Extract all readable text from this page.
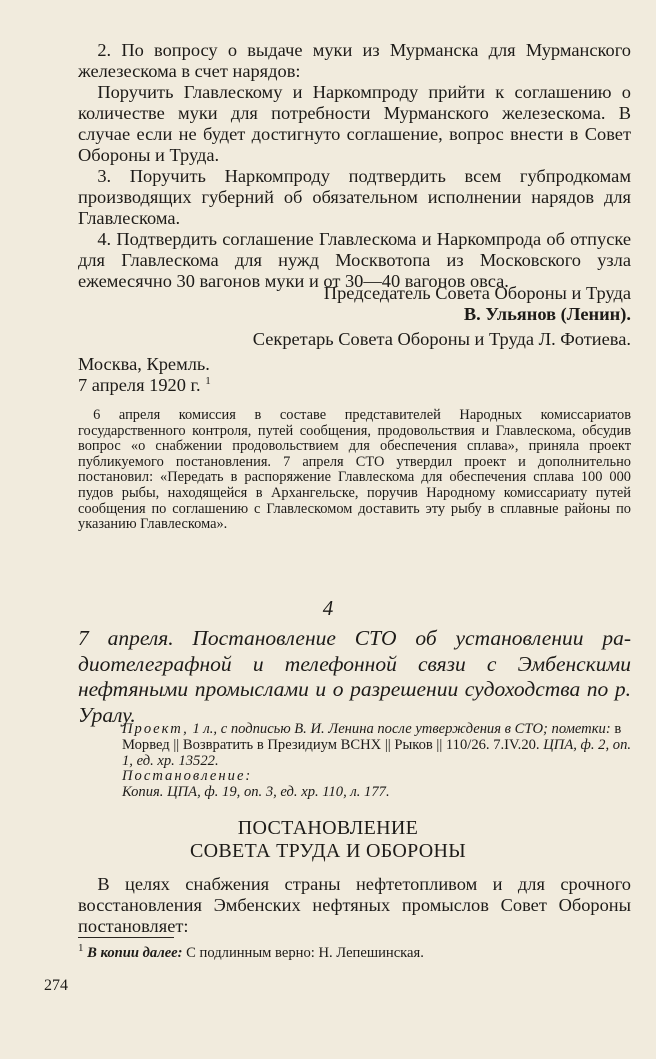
2. По вопросу о выдаче муки из Мурманска для Мурманского железескома в счет нарядов:

Поручить Главлескому и Наркомпроду прийти к соглашению о количестве муки для потребности Мурманского железескома. В случае если не будет достигнуто соглашение, вопрос внести в Совет Обороны и Труда.

3. Поручить Наркомпроду подтвердить всем губпродкомам производящих губерний об обязательном исполнении нарядов для Главлескома.

4. Подтвердить соглашение Главлескома и Наркомпрода об отпуске для Главлескома для нужд Москвотопа из Московского узла ежемесячно 30 вагонов муки и от 30—40 вагонов овса.

Председатель Совета Обороны и Труда
В. Ульянов (Ленин).
Секретарь Совета Обороны и Труда Л. Фотиева.
Москва, Кремль.
7 апреля 1920 г. $^1$

6 апреля комиссия в составе представителей Народных комиссариатов государственного контроля, путей сообщения, продовольствия и Главлескома, обсудив вопрос «о снабжении продовольствием для обеспечения сплава», приняла проект публикуемого постановления. 7 апреля СТО утвердил проект и дополнительно постановил: «Передать в распоряжение Главлескома для обеспечения сплава 100 000 пудов рыбы, находящейся в Архангельске, поручив Народному комиссариату путей сообщения по соглашению с Главлескомом доставить эту рыбу в сплавные районы по указанию Главлескома».

4

7 апреля. Постановление СТО об установлении радиотелеграфной и телефонной связи с Эмбенскими нефтяными промыслами и о разрешении судоходства по р. Уралу.

Проект, 1 л., с подписью В. И. Ленина после утверждения в СТО; пометки: в Морвед || Возвратить в Президиум ВСНХ || Рыков || 110/26. 7.IV.20. ЦПА, ф. 2, оп. 1, ед. хр. 13522.

Постановление:

Копия. ЦПА, ф. 19, оп. 3, ед. хр. 110, л. 177.

ПОСТАНОВЛЕНИЕ
СОВЕТА ТРУДА И ОБОРОНЫ

В целях снабжения страны нефтетопливом и для срочного восстановления Эмбенских нефтяных промыслов Совет Обороны постановляет:

$^1$ В копии далее: С подлинным верно: Н. Лепешинская.
274
